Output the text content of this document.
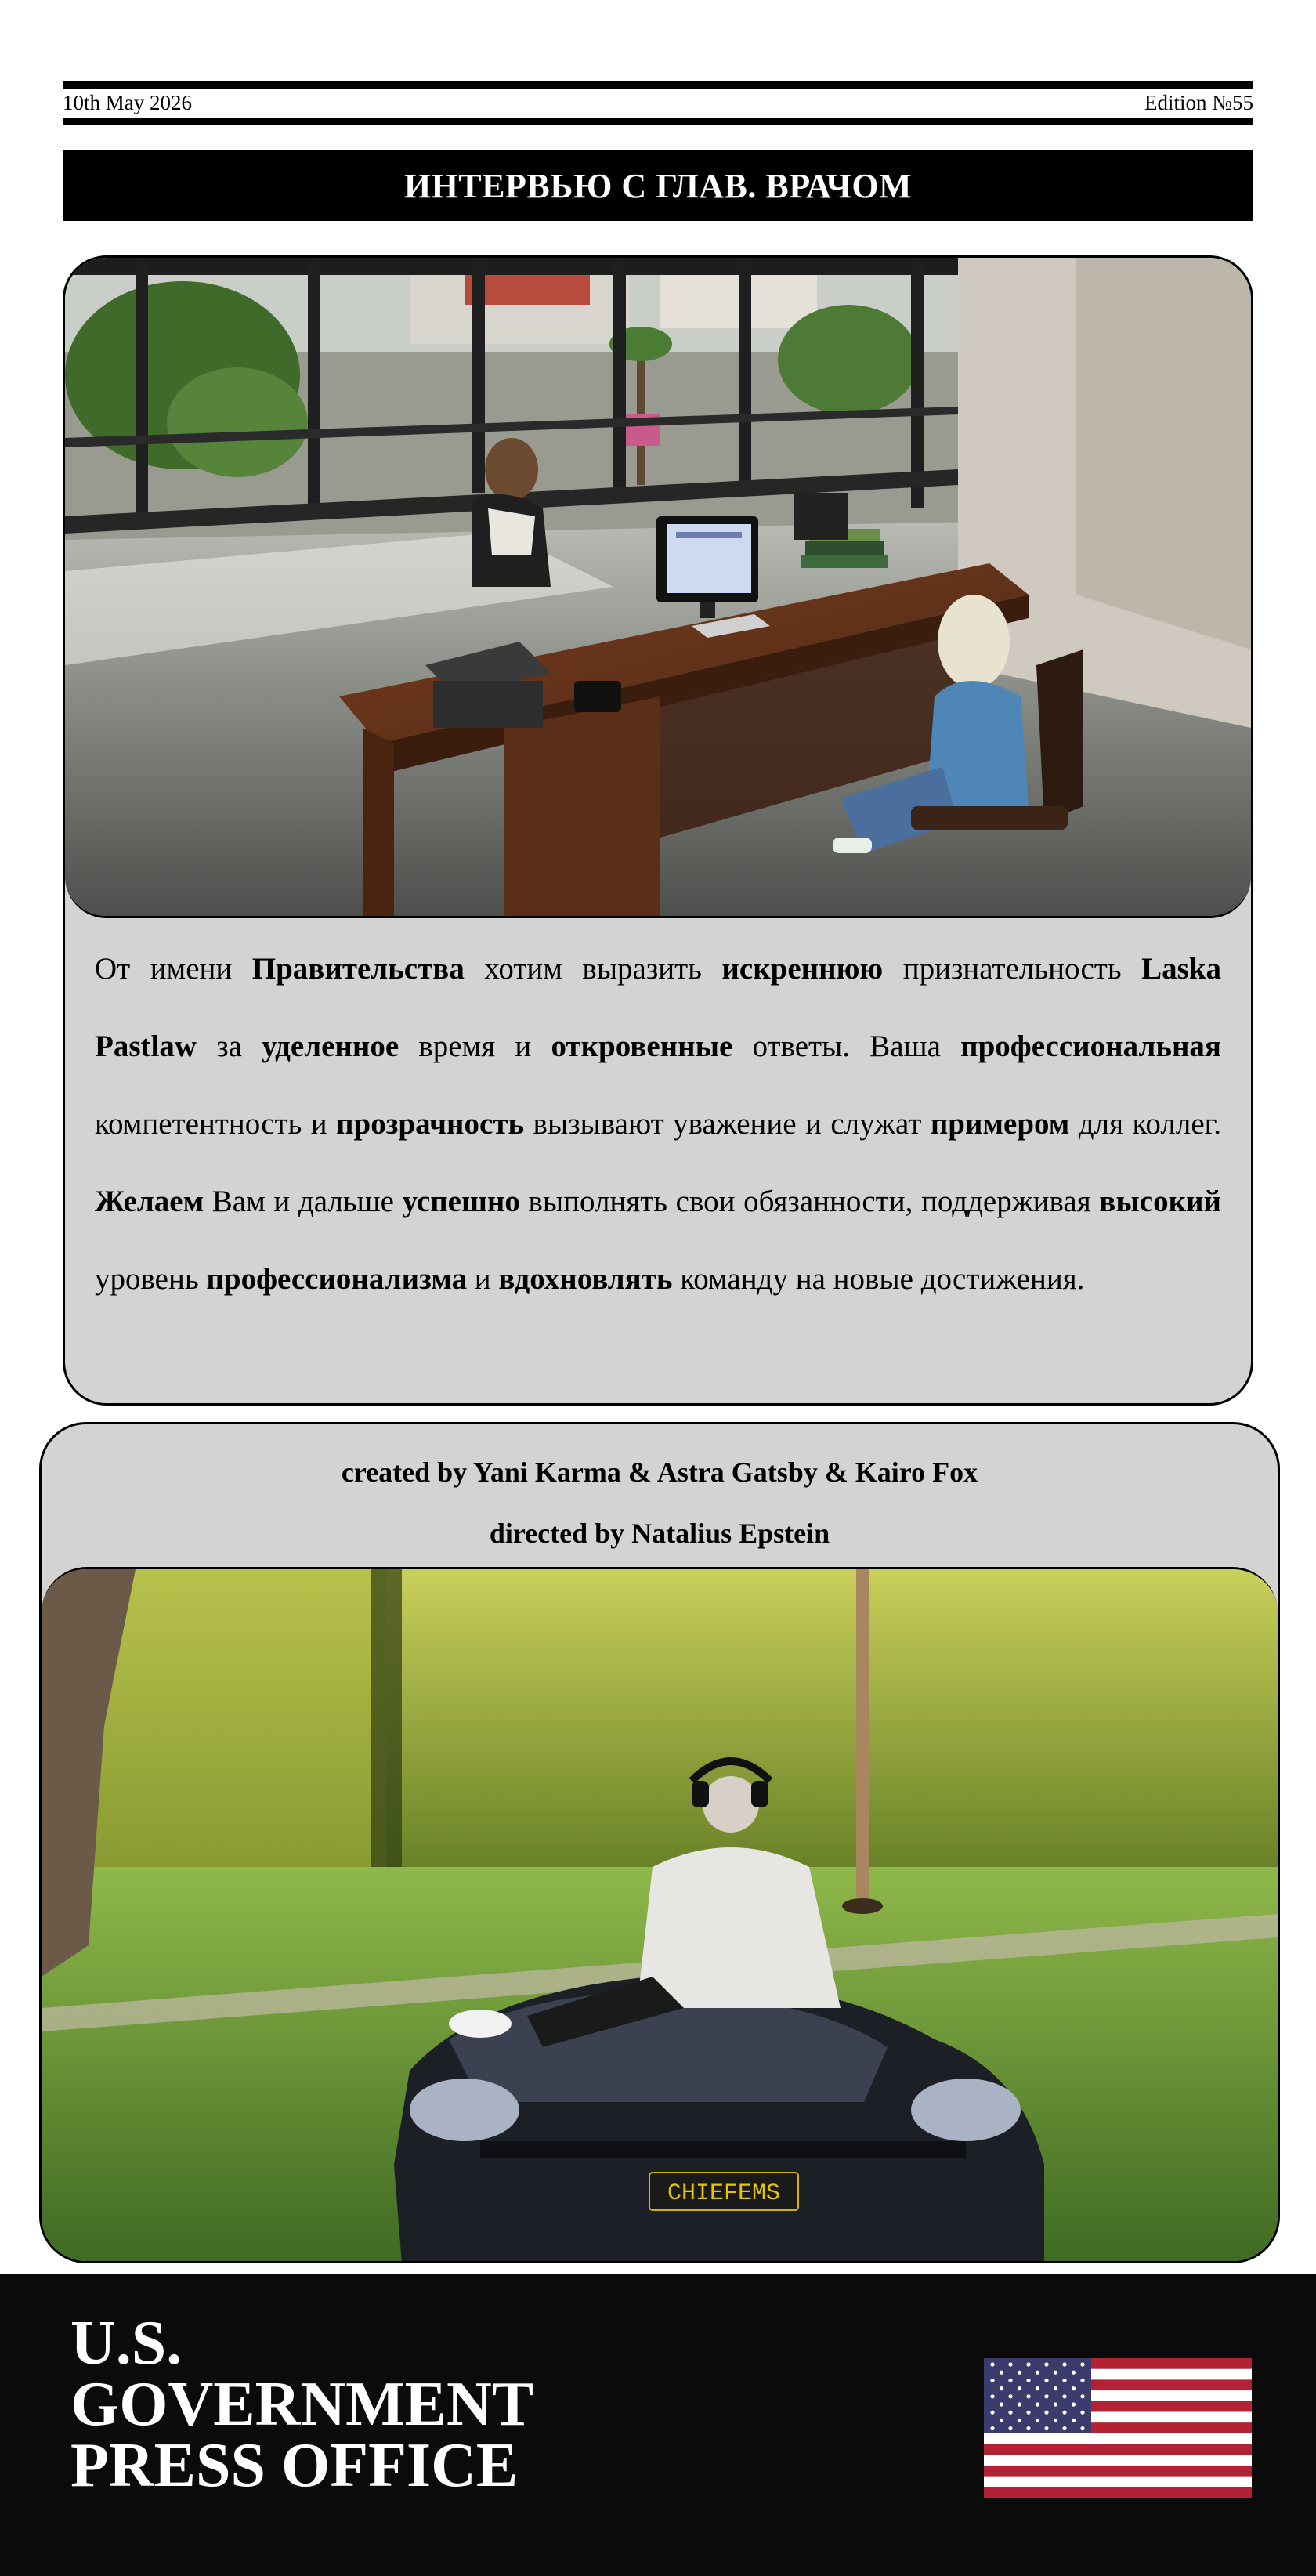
10th May 2026	Edition №55
ИНТЕРВЬЮ С ГЛАВ. ВРАЧОМ

От имени Правительства хотим выразить искреннюю признательность Laska Pastlaw за уделенное время и откровенные ответы. Ваша профессиональная компетентность и прозрачность вызывают уважение и служат примером для коллег. Желаем Вам и дальше успешно выполнять свои обязанности, поддерживая высокий уровень профессионализма и вдохновлять команду на новые достижения.

created by Yani Karma & Astra Gatsby & Kairo Fox
directed by Natalius Epstein
CHIEFEMS
U.S.
GOVERNMENT
PRESS OFFICE
